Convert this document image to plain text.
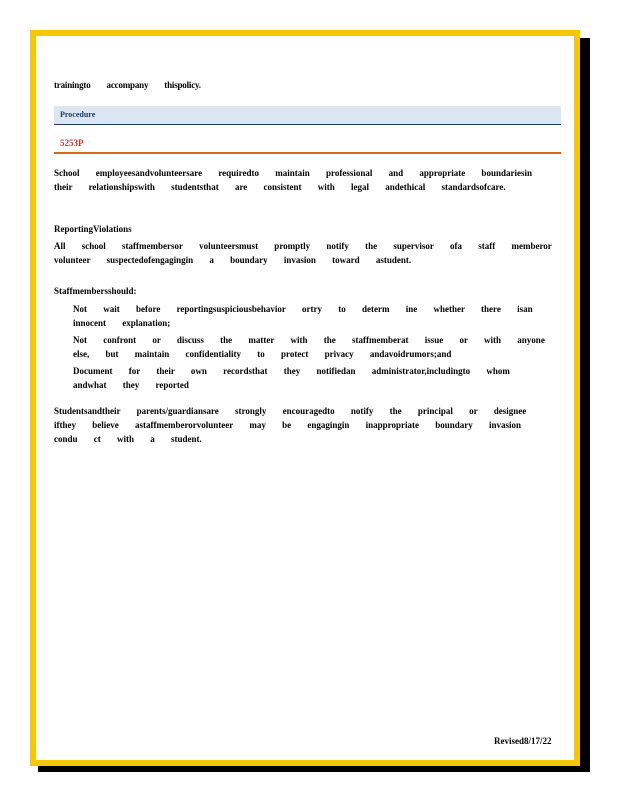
trainingto accompany thispolicy.
Procedure
5253P
School employeesandvolunteersare requiredto maintain professional and appropriate boundariesin their relationshipswith studentsthat are consistent with legal andethical standardsofcare.
ReportingViolations
All school staffmembersor volunteersmust promptly notify the supervisor ofa staff memberor volunteer suspectedofengagingin a boundary invasion toward astudent.
Staffmembersshould:
Not wait before reportingsuspiciousbehavior ortry to determ ine whether there isan innocent explanation;
Not confront or discuss the matter with the staffmemberat issue or with anyone else, but maintain confidentiality to protect privacy andavoidrumors;and
Document for their own recordsthat they notifiedan administrator,includingto whom andwhat they reported
Studentsandtheir parents/guardiansare strongly encouragedto notify the principal or designee ifthey believe astaffmemberorvolunteer may be engagingin inappropriate boundary invasion condu ct with a student.
Revised8/17/22
